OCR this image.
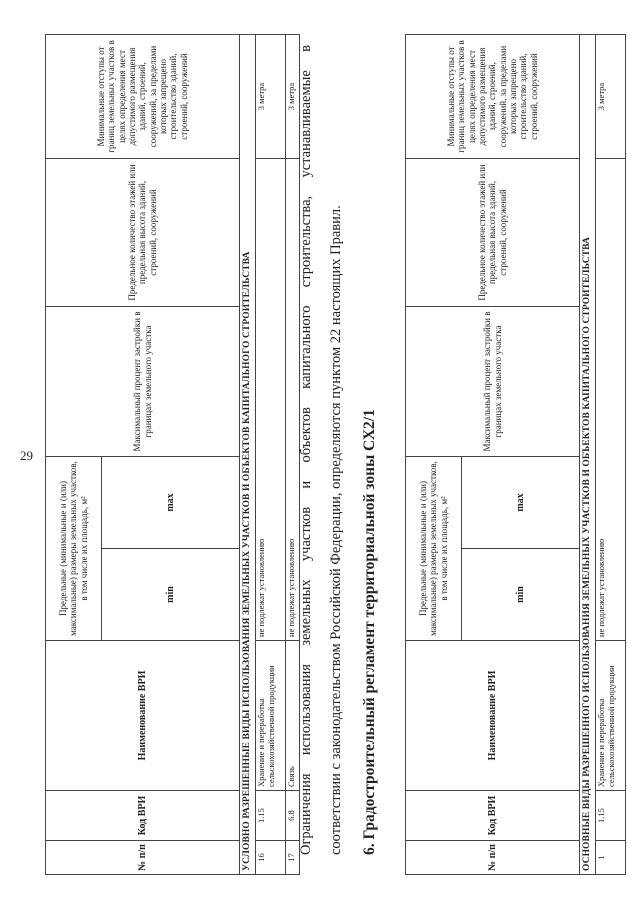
29
№ п/п	Код ВРИ	Наименование ВРИ	Предельные (минимальные и (или) максимальные) размеры земельных участков, в том числе их площадь, м²		Максимальный процент застройки в границах земельного участка	Предельное количество этажей или предельная высота зданий, строений, сооружений	Минимальные отступы от границ земельных участков в целях определения мест допустимого размещения зданий, строений, сооружений, за пределами которых запрещено строительство зданий, строений, сооружений
			min	max			
УСЛОВНО РАЗРЕШЕННЫЕ ВИДЫ ИСПОЛЬЗОВАНИЯ ЗЕМЕЛЬНЫХ УЧАСТКОВ И ОБЪЕКТОВ КАПИТАЛЬНОГО СТРОИТЕЛЬСТВА							
16	1.15	Хранение и переработка сельскохозяйственной продукции	не подлежат установлению				3 метра
17	6.8	Связь	не подлежат установлению				3 метра Ограничения использования земельных участков и объектов капитального строительства, устанавливаемые в соответствии с законодательством Российской Федерации, определяются пунктом 22 настоящих Правил. 6. Градостроительный регламент территориальной зоны СХ2/1
№ п/п	Код ВРИ	Наименование ВРИ	Предельные (минимальные и (или) максимальные) размеры земельных участков, в том числе их площадь, м²		Максимальный процент застройки в границах земельного участка	Предельное количество этажей или предельная высота зданий, строений, сооружений	Минимальные отступы от границ земельных участков в целях определения мест допустимого размещения зданий, строений, сооружений, за пределами которых запрещено строительство зданий, строений, сооружений
			min	max			
ОСНОВНЫЕ ВИДЫ РАЗРЕШЕННОГО ИСПОЛЬЗОВАНИЯ ЗЕМЕЛЬНЫХ УЧАСТКОВ И ОБЪЕКТОВ КАПИТАЛЬНОГО СТРОИТЕЛЬСТВА							
1	1.15	Хранение и переработка сельскохозяйственной продукции	не подлежат установлению				3 метра
